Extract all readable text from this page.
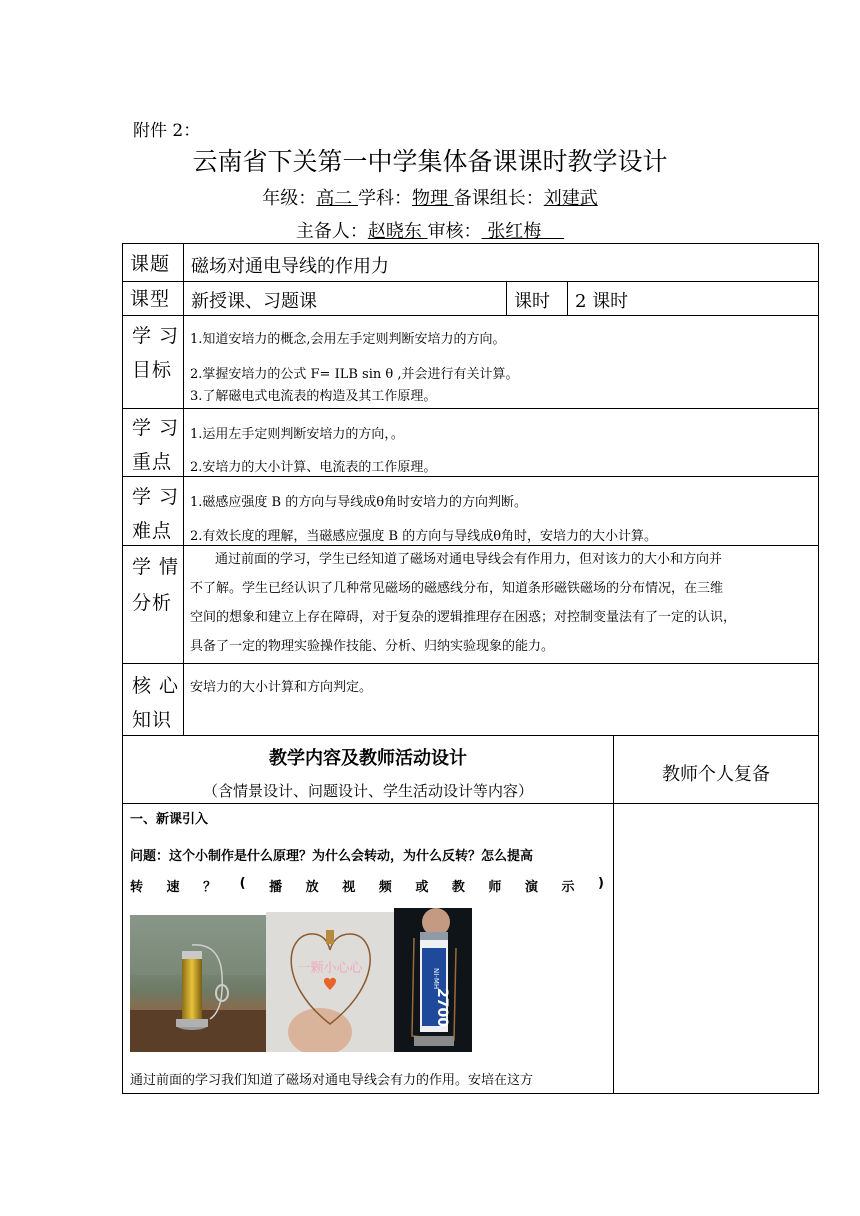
附件 2：
云南省下关第一中学集体备课课时教学设计
年级：高二 学科：物理 备课组长：刘建武
主备人：赵晓东 审核： 张红梅
课题 磁场对通电导线的作用力
课型 新授课、习题课	课时 2 课时
学 习
目标
1.知道安培力的概念,会用左手定则判断安培力的方向。
2.掌握安培力的公式 F= ILB sin θ ,并会进行有关计算。
3.了解磁电式电流表的构造及其工作原理。
学 习
重点
1.运用左手定则判断安培力的方向，。
2.安培力的大小计算、电流表的工作原理。
学 习
难点
1.磁感应强度 B 的方向与导线成θ角时安培力的方向判断。
2.有效长度的理解，当磁感应强度 B 的方向与导线成θ角时，安培力的大小计算。
学 情
分析
通过前面的学习，学生已经知道了磁场对通电导线会有作用力，但对该力的大小和方向并
不了解。学生已经认识了几种常见磁场的磁感线分布，知道条形磁铁磁场的分布情况，在三维
空间的想象和建立上存在障碍，对于复杂的逻辑推理存在困惑；对控制变量法有了一定的认识，
具备了一定的物理实验操作技能、分析、归纳实验现象的能力。
核 心
知识
安培力的大小计算和方向判定。
教学内容及教师活动设计
（含情景设计、问题设计、学生活动设计等内容）
教师个人复备
一、新课引入
问题：这个小制作是什么原理？为什么会转动，为什么反转？怎么提高
转 速 ？ ( 播 放 视 频 或 教 师 演 示 )
一颗小心心	NI-MH
2700
通过前面的学习我们知道了磁场对通电导线会有力的作用。安培在这方
